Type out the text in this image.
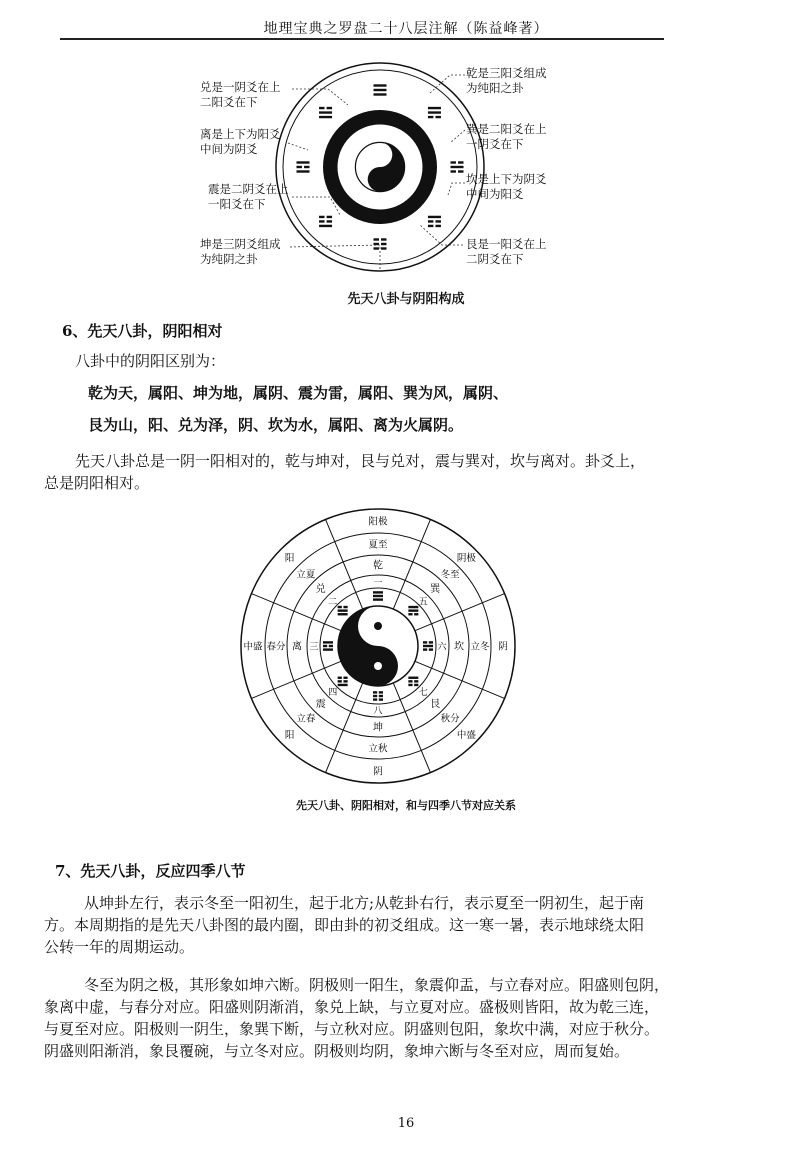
地理宝典之罗盘二十八层注解（陈益峰著）
兑是一阴爻在上
二阳爻在下
离是上下为阳爻
中间为阴爻
震是二阴爻在上
一阳爻在下
坤是三阴爻组成
为纯阴之卦
乾是三阳爻组成
为纯阳之卦
巽是二阳爻在上
一阴爻在下
坎是上下为阴爻
中间为阳爻
艮是一阳爻在上
二阴爻在下
先天八卦与阴阳构成
6、先天八卦，阴阳相对
八卦中的阴阳区别为：
乾为天，属阳、坤为地，属阴、震为雷，属阳、巽为风，属阴、
艮为山，阳、兑为泽，阴、坎为水，属阳、离为火属阴。
先天八卦总是一阴一阳相对的，乾与坤对，艮与兑对，震与巽对，坎与离对。卦爻上，
总是阴阳相对。
一
二
三
四
五
六
七
八
乾
兑
离
震
巽
坎
艮
坤
夏至
立夏
春分
立春
冬至
立冬
秋分
立秋
阳极
阳
中盛
阳
阴极
阴
中盛
阴
先天八卦、阴阳相对，和与四季八节对应关系
7、先天八卦，反应四季八节
从坤卦左行，表示冬至一阳初生，起于北方;从乾卦右行，表示夏至一阴初生，起于南
方。本周期指的是先天八卦图的最内圈，即由卦的初爻组成。这一寒一暑，表示地球绕太阳
公转一年的周期运动。
冬至为阴之极，其形象如坤六断。阴极则一阳生，象震仰盂，与立春对应。阳盛则包阴，
象离中虚，与春分对应。阳盛则阴渐消，象兑上缺，与立夏对应。盛极则皆阳，故为乾三连，
与夏至对应。阳极则一阴生，象巽下断，与立秋对应。阴盛则包阳，象坎中满，对应于秋分。
阴盛则阳渐消，象艮覆碗，与立冬对应。阴极则均阴，象坤六断与冬至对应，周而复始。
16
